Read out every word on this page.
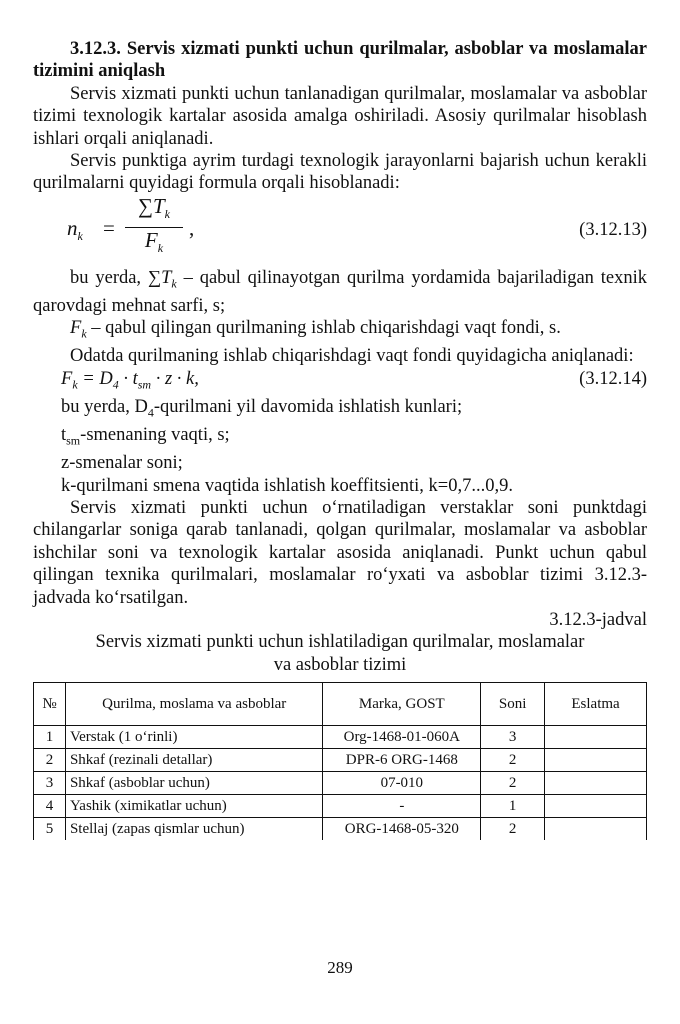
3.12.3. Servis xizmati punkti uchun qurilmalar, asboblar va moslamalar tizimini aniqlash

Servis xizmati punkti uchun tanlanadigan qurilmalar, moslamalar va asboblar tizimi texnologik kartalar asosida amalga oshiriladi. Asosiy qurilmalar hisoblash ishlari orqali aniqlanadi.

Servis punktiga ayrim turdagi texnologik jarayonlarni bajarish uchun kerakli qurilmalarni quyidagi formula orqali hisoblanadi:

$n_k$ =
$\sum T_k$
$F_k$
,	(3.12.13)

bu yerda, $\sum T_k$ – qabul qilinayotgan qurilma yordamida bajariladigan texnik qarovdagi mehnat sarfi, s;

$F_k$ – qabul qilingan qurilmaning ishlab chiqarishdagi vaqt fondi, s.

Odatda qurilmaning ishlab chiqarishdagi vaqt fondi quyidagicha aniqlanadi:

$F_k = D_4 \cdot t_{sm} \cdot z \cdot k$,	(3.12.14)
bu yerda, $D_4$-qurilmani yil davomida ishlatish kunlari;
$t_{sm}$-smenaning vaqti, s;
z-smenalar soni;
k-qurilmani smena vaqtida ishlatish koeffitsienti, k=0,7...0,9.

Servis xizmati punkti uchun o‘rnatiladigan verstaklar soni punktdagi chilangarlar soniga qarab tanlanadi, qolgan qurilmalar, moslamalar va asboblar ishchilar soni va texnologik kartalar asosida aniqlanadi. Punkt uchun qabul qilingan texnika qurilmalari, moslamalar ro‘yxati va asboblar tizimi 3.12.3-jadvada ko‘rsatilgan.

3.12.3-jadval
Servis xizmati punkti uchun ishlatiladigan qurilmalar, moslamalar
va asboblar tizimi
№	Qurilma, moslama va asboblar	Marka, GOST	Soni	Eslatma
1	Verstak (1 o‘rinli)	Org-1468-01-060A	3	
2	Shkaf (rezinali detallar)	DPR-6 ORG-1468	2	
3	Shkaf (asboblar uchun)	07-010	2	
4	Yashik (ximikatlar uchun)	-	1	
5	Stellaj (zapas qismlar uchun)	ORG-1468-05-320	2	
289
